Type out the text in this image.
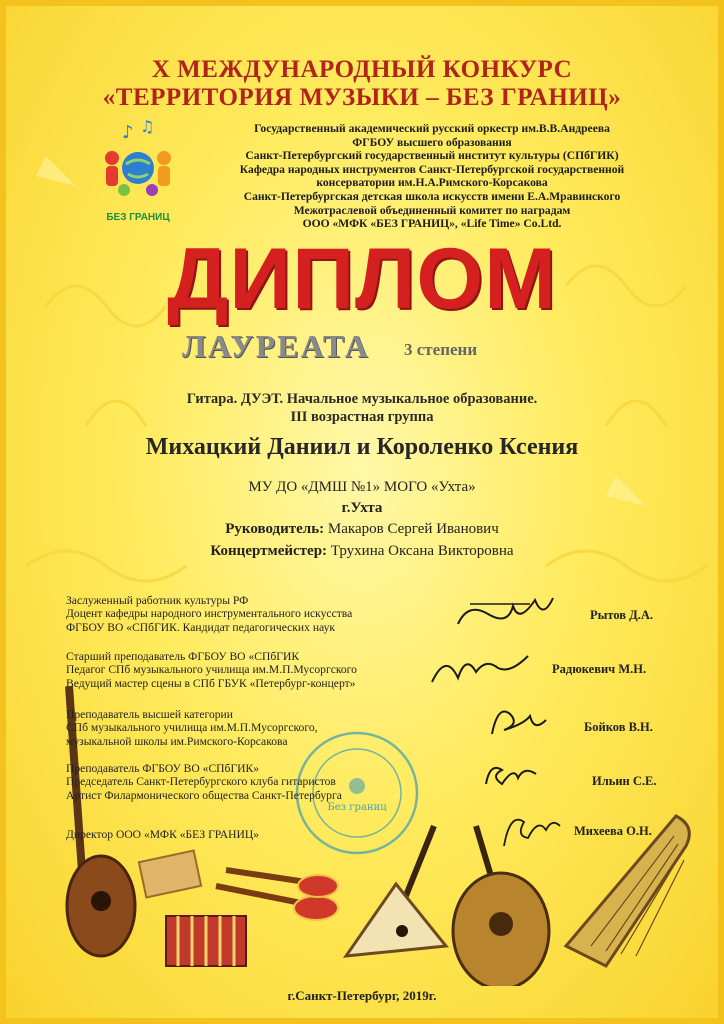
X МЕЖДУНАРОДНЫЙ КОНКУРС
«ТЕРРИТОРИЯ МУЗЫКИ – БЕЗ ГРАНИЦ»
♪ ♫
БЕЗ ГРАНИЦ
Государственный академический русский оркестр им.В.В.Андреева
ФГБОУ высшего образования
Санкт-Петербургский государственный институт культуры (СПбГИК)
Кафедра народных инструментов Санкт-Петербургской государственной
консерватории им.Н.А.Римского-Корсакова
Санкт-Петербургская детская школа искусств имени Е.А.Мравинского
Межотраслевой объединенный комитет по наградам
ООО «МФК «БЕЗ ГРАНИЦ», «Life Time» Co.Ltd.
ДИПЛОМ
ЛАУРЕАТА 3 степени
Гитара. ДУЭТ. Начальное музыкальное образование.
III возрастная группа
Михацкий Даниил и Короленко Ксения
МУ ДО «ДМШ №1» МОГО «Ухта»
г.Ухта
Руководитель: Макаров Сергей Иванович
Концертмейстер: Трухина Оксана Викторовна
Без границ
Заслуженный работник культуры РФ
Доцент кафедры народного инструментального искусства
ФГБОУ ВО «СПбГИК. Кандидат педагогических наук
Рытов Д.А.
Старший преподаватель ФГБОУ ВО «СПбГИК
Педагог СПб музыкального училища им.М.П.Мусоргского
Ведущий мастер сцены в СПб ГБУК «Петербург-концерт»
Радюкевич М.Н.
Преподаватель высшей категории
СПб музыкального училища им.М.П.Мусоргского,
музыкальной школы им.Римского-Корсакова
Бойков В.Н.
Преподаватель ФГБОУ ВО «СПбГИК»
Председатель Санкт-Петербургского клуба гитаристов
Артист Филармонического общества Санкт-Петербурга
Ильин С.Е.
Директор ООО «МФК «БЕЗ ГРАНИЦ»	Михеева О.Н.
г.Санкт-Петербург, 2019г.
